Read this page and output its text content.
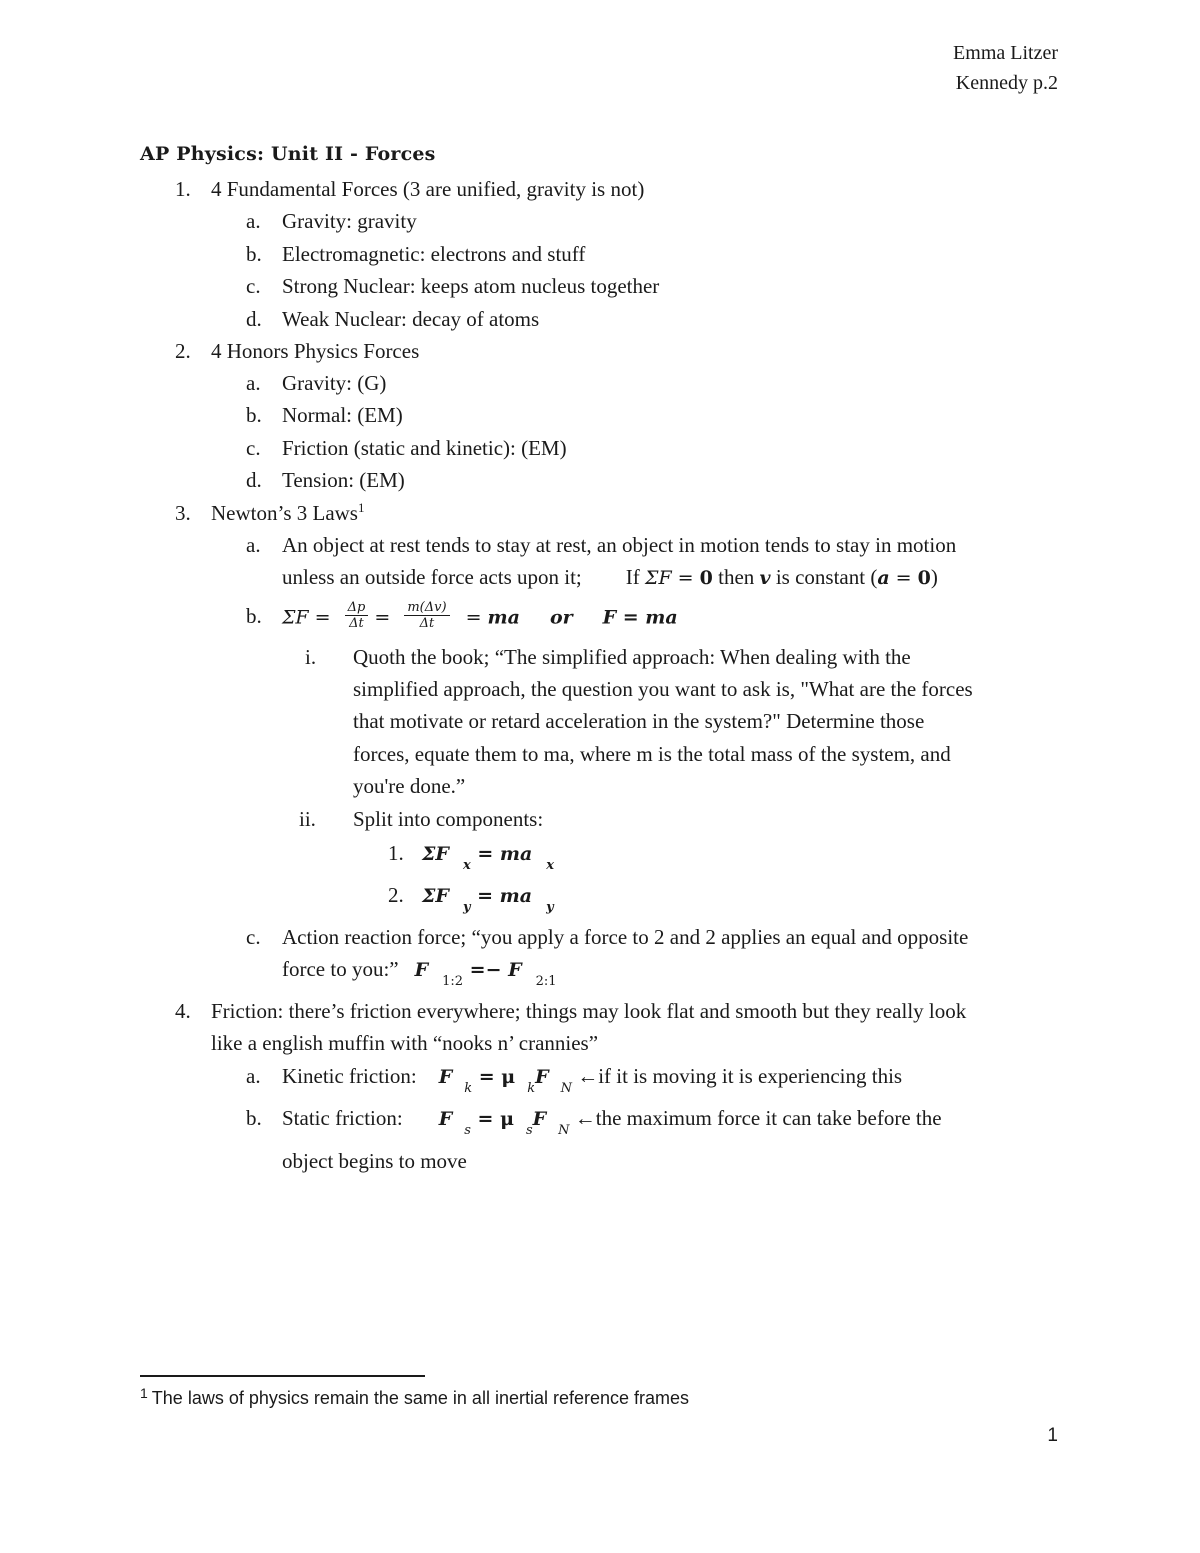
Emma Litzer
Kennedy p.2
AP Physics: Unit II - Forces
1. 4 Fundamental Forces (3 are unified, gravity is not)
a. Gravity: gravity
b. Electromagnetic: electrons and stuff
c. Strong Nuclear: keeps atom nucleus together
d. Weak Nuclear: decay of atoms
2. 4 Honors Physics Forces
a. Gravity: (G)
b. Normal: (EM)
c. Friction (static and kinetic): (EM)
d. Tension: (EM)
3. Newton’s 3 Laws$^1$
a. An object at rest tends to stay at rest, an object in motion tends to stay in motion
unless an outside force acts upon it; If ΣF = 0 then v is constant (a = 0)
b. $\Sigma F = \frac{\Delta p}{\Delta t} = \frac{m(\Delta v)}{\Delta t}$ = ma or F = ma
i. Quoth the book; “The simplified approach: When dealing with the
simplified approach, the question you want to ask is, "What are the forces
that motivate or retard acceleration in the system?" Determine those
forces, equate them to ma, where m is the total mass of the system, and
you're done.”
ii. Split into components:
1. $\Sigma F_x = ma_x$
2. $\Sigma F_y = ma_y$
c. Action reaction force; “you apply a force to 2 and 2 applies an equal and opposite
force to you:” $F_{1:2} =- F_{2:1}$
4. Friction: there’s friction everywhere; things may look flat and smooth but they really look
like a english muffin with “nooks n’ crannies”
a. Kinetic friction: $F_k = \mu_kF_N$ ←if it is moving it is experiencing this
b. Static friction: $F_s = \mu_sF_N$ ←the maximum force it can take before the
object begins to move
$^1$ The laws of physics remain the same in all inertial reference frames
1
